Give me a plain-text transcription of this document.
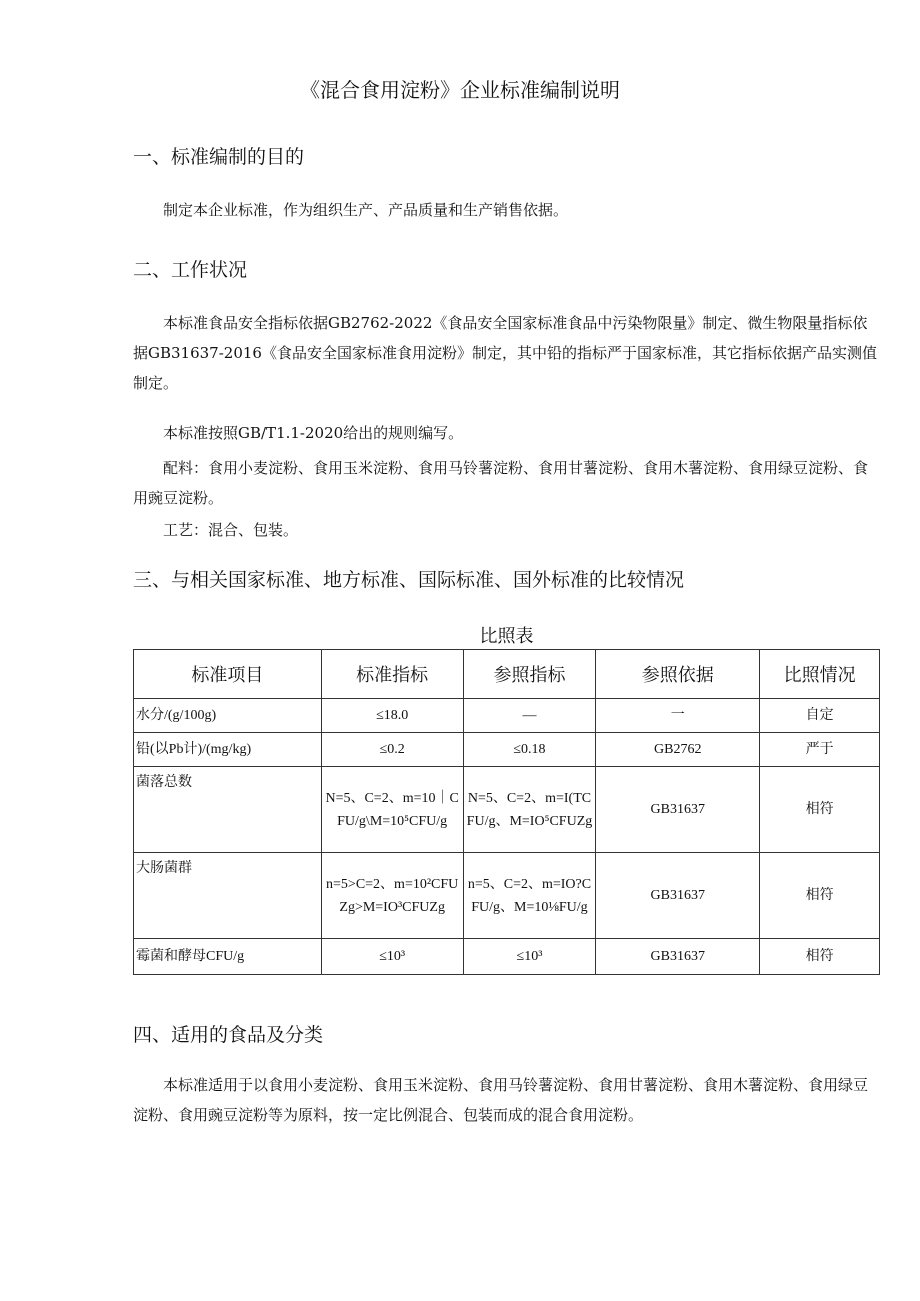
《混合食用淀粉》企业标准编制说明
一、标准编制的目的
制定本企业标准，作为组织生产、产品质量和生产销售依据。
二、工作状况
本标准食品安全指标依据GB2762-2022《食品安全国家标准食品中污染物限量》制定、微生物限量指标依据GB31637-2016《食品安全国家标准食用淀粉》制定，其中铅的指标严于国家标准，其它指标依据产品实测值制定。
本标准按照GB/T1.1-2020给出的规则编写。
配料：食用小麦淀粉、食用玉米淀粉、食用马铃薯淀粉、食用甘薯淀粉、食用木薯淀粉、食用绿豆淀粉、食用豌豆淀粉。
工艺：混合、包装。
三、与相关国家标准、地方标准、国际标准、国外标准的比较情况
比照表
标准项目	标准指标	参照指标	参照依据	比照情况
水分/(g/100g)	≤18.0	—	一	自定
铅(以Pb计)/(mg/kg)	≤0.2	≤0.18	GB2762	严于
菌落总数	N=5、C=2、m=10｜CFU/g\M=10⁵CFU/g	N=5、C=2、m=I(TCFU/g、M=IO⁵CFUZg	GB31637	相符
大肠菌群	n=5>C=2、m=10²CFUZg>M=IO³CFUZg	n=5、C=2、m=IO?CFU/g、M=10⅛FU/g	GB31637	相符
霉菌和酵母CFU/g	≤10³	≤10³	GB31637	相符
四、适用的食品及分类
本标准适用于以食用小麦淀粉、食用玉米淀粉、食用马铃薯淀粉、食用甘薯淀粉、食用木薯淀粉、食用绿豆淀粉、食用豌豆淀粉等为原料，按一定比例混合、包装而成的混合食用淀粉。
